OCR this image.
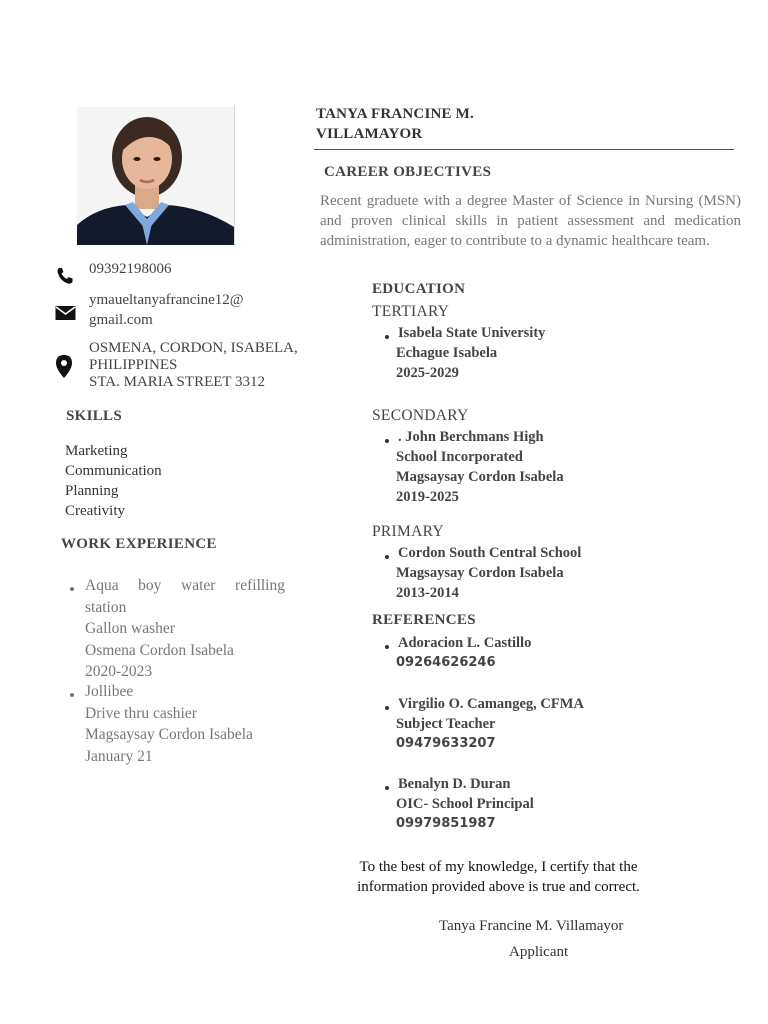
TANYA FRANCINE M.
VILLAMAYOR
CAREER OBJECTIVES
Recent graduete with a degree Master of Science in Nursing (MSN) and proven clinical skills in patient assessment and medication administration, eager to contribute to a dynamic healthcare team.
09392198006
ymaueltanyafrancine12@
gmail.com
OSMENA, CORDON, ISABELA,
PHILIPPINES
STA. MARIA STREET 3312
SKILLS
Marketing
Communication
Planning
Creativity
WORK EXPERIENCE
Aqua boy water refilling
station
Gallon washer
Osmena Cordon Isabela
2020-2023
Jollibee
Drive thru cashier
Magsaysay Cordon Isabela
January 21
EDUCATION
TERTIARY
Isabela State University
Echague Isabela
2025-2029
SECONDARY
. John Berchmans High
School Incorporated
Magsaysay Cordon Isabela
2019-2025
PRIMARY
Cordon South Central School
Magsaysay Cordon Isabela
2013-2014
REFERENCES
Adoracion L. Castillo
09264626246
Virgilio O. Camangeg, CFMA
Subject Teacher
09479633207
Benalyn D. Duran
OIC- School Principal
09979851987
To the best of my knowledge, I certify that the information provided above is true and correct.
Tanya Francine M. Villamayor
Applicant
